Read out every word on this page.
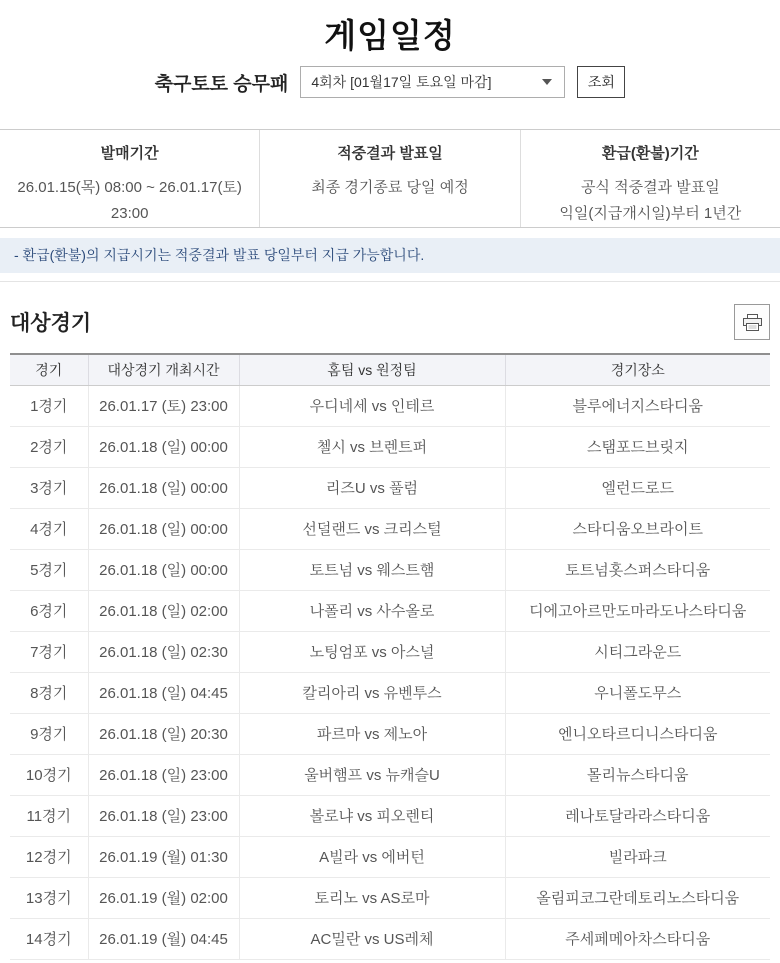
게임일정
축구토토 승무패 4회차 [01월17일 토요일 마감]	조회
발매기간
26.01.15(목) 08:00 ~ 26.01.17(토) 23:00
적중결과 발표일
최종 경기종료 당일 예정
환급(환불)기간
공식 적중결과 발표일
익일(지급개시일)부터 1년간
- 환급(환불)의 지급시기는 적중결과 발표 당일부터 지급 가능합니다.
대상경기
경기	대상경기 개최시간	홈팀 vs 원정팀	경기장소
1경기	26.01.17 (토) 23:00	우디네세 vs 인테르	블루에너지스타디움
2경기	26.01.18 (일) 00:00	첼시 vs 브렌트퍼	스탬포드브릿지
3경기	26.01.18 (일) 00:00	리즈U vs 풀럼	엘런드로드
4경기	26.01.18 (일) 00:00	선덜랜드 vs 크리스털	스타디움오브라이트
5경기	26.01.18 (일) 00:00	토트넘 vs 웨스트햄	토트넘홋스퍼스타디움
6경기	26.01.18 (일) 02:00	나폴리 vs 사수올로	디에고아르만도마라도나스타디움
7경기	26.01.18 (일) 02:30	노팅엄포 vs 아스널	시티그라운드
8경기	26.01.18 (일) 04:45	칼리아리 vs 유벤투스	우니폴도무스
9경기	26.01.18 (일) 20:30	파르마 vs 제노아	엔니오타르디니스타디움
10경기	26.01.18 (일) 23:00	울버햄프 vs 뉴캐슬U	몰리뉴스타디움
11경기	26.01.18 (일) 23:00	볼로냐 vs 피오렌티	레나토달라라스타디움
12경기	26.01.19 (월) 01:30	A빌라 vs 에버턴	빌라파크
13경기	26.01.19 (월) 02:00	토리노 vs AS로마	올림피코그란데토리노스타디움
14경기	26.01.19 (월) 04:45	AC밀란 vs US레체	주세페메아차스타디움
